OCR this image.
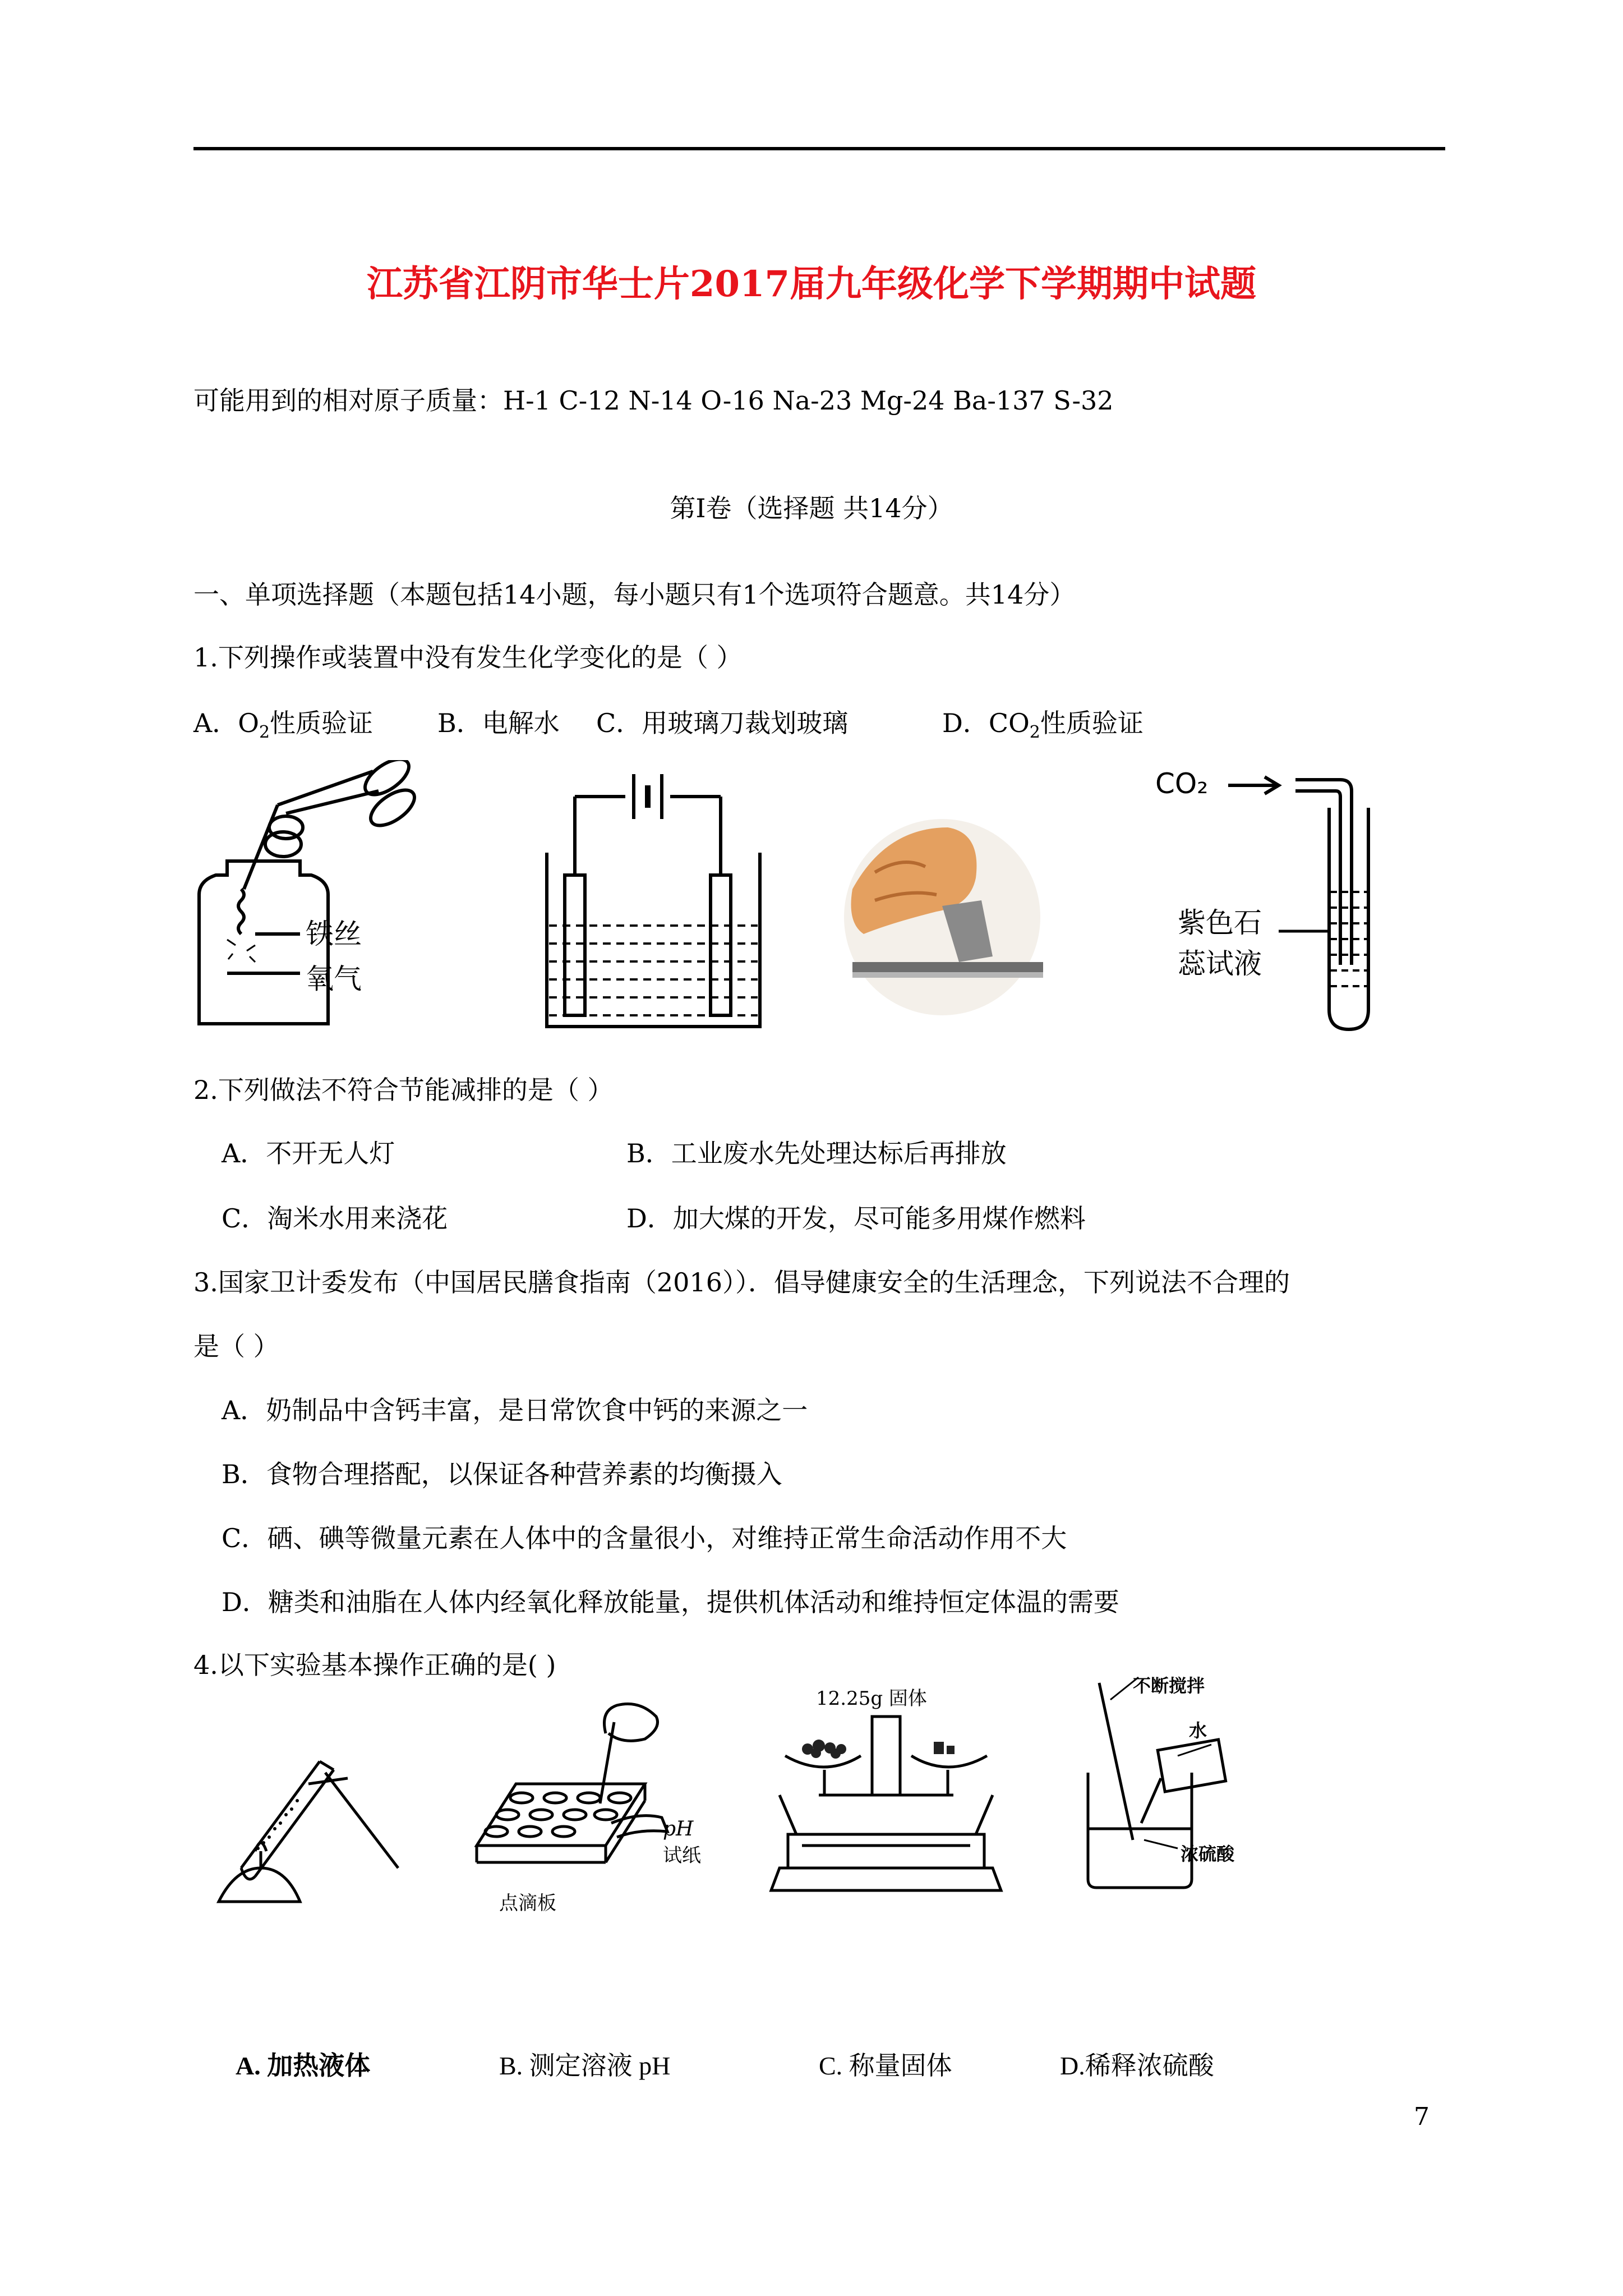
江苏省江阴市华士片2017届九年级化学下学期期中试题
可能用到的相对原子质量：H-1 C-12 N-14 O-16 Na-23 Mg-24 Ba-137 S-32
第Ⅰ卷（选择题 共14分）
一、单项选择题（本题包括14小题，每小题只有1个选项符合题意。共14分）
1.下列操作或装置中没有发生化学变化的是（ ）
A．$O_2$性质验证 B．电解水 C．用玻璃刀裁划玻璃	D．$CO_2$性质验证
铁丝
氧气
CO₂
紫色石
蕊试液
2.下列做法不符合节能减排的是（ ）
A．不开无人灯	B．工业废水先处理达标后再排放
C．淘米水用来浇花	D．加大煤的开发，尽可能多用煤作燃料
3.国家卫计委发布（中国居民膳食指南（2016））．倡导健康安全的生活理念，下列说法不合理的
是（ ）
A．奶制品中含钙丰富，是日常饮食中钙的来源之一
B．食物合理搭配，以保证各种营养素的均衡摄入
C．硒、碘等微量元素在人体中的含量很小，对维持正常生命活动作用不大
D．糖类和油脂在人体内经氧化释放能量，提供机体活动和维持恒定体温的需要
4.以下实验基本操作正确的是( )
pH
试纸
点滴板
12.25g 固体
不断搅拌
水
浓硫酸
A. 加热液体	B. 测定溶液 pH	C. 称量固体	D.稀释浓硫酸
7
